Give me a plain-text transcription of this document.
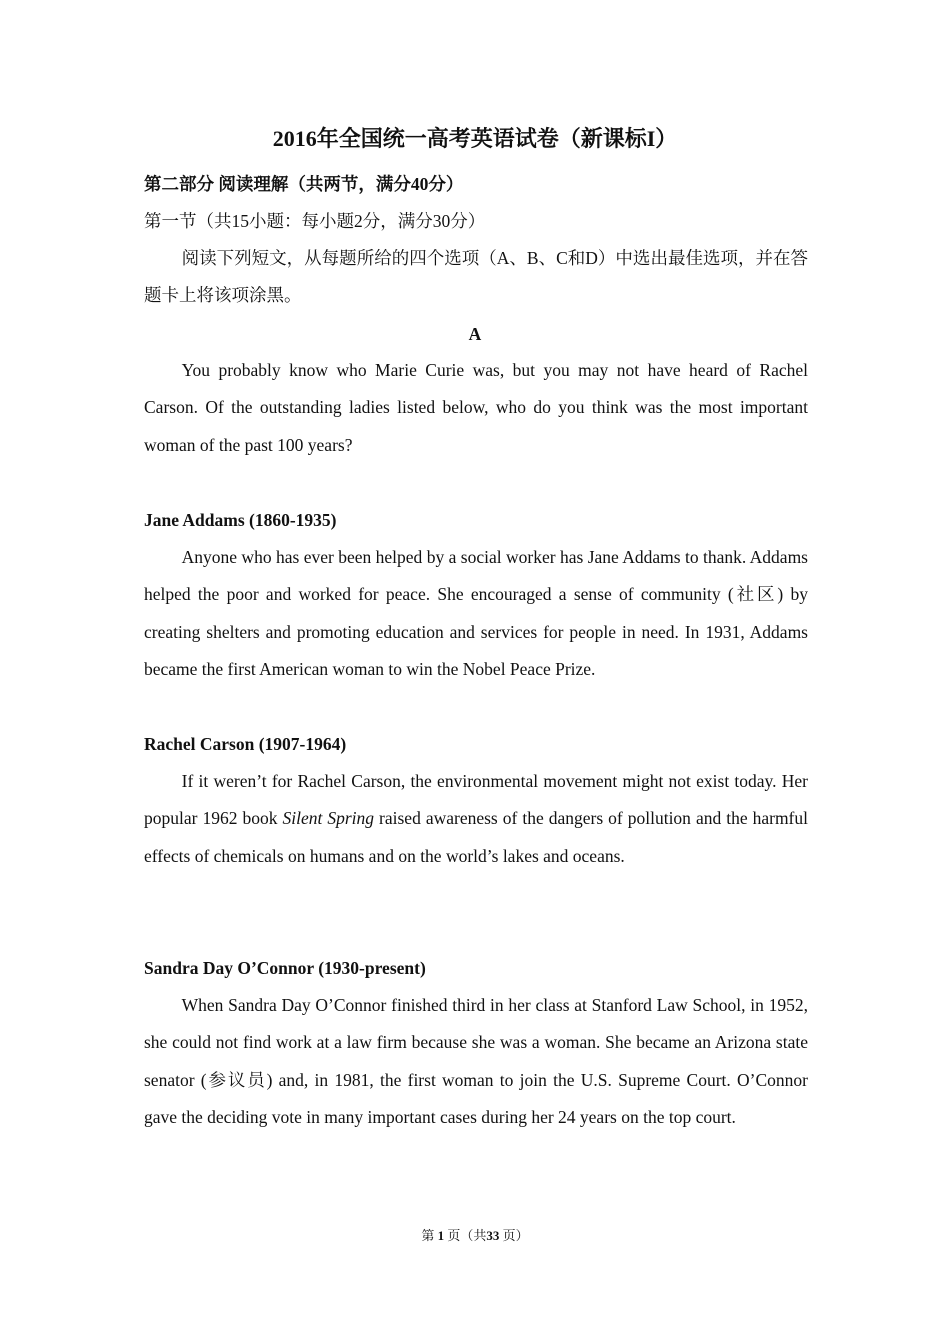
2016年全国统一高考英语试卷（新课标I）
第二部分 阅读理解（共两节，满分40分）
第一节（共15小题：每小题2分，满分30分）
阅读下列短文，从每题所给的四个选项（A、B、C和D）中选出最佳选项，并在答题卡上将该项涂黑。
A
You probably know who Marie Curie was, but you may not have heard of Rachel Carson. Of the outstanding ladies listed below, who do you think was the most important woman of the past 100 years?
Jane Addams (1860-1935)
Anyone who has ever been helped by a social worker has Jane Addams to thank. Addams helped the poor and worked for peace. She encouraged a sense of community (社区) by creating shelters and promoting education and services for people in need. In 1931, Addams became the first American woman to win the Nobel Peace Prize.
Rachel Carson (1907-1964)
If it weren’t for Rachel Carson, the environmental movement might not exist today. Her popular 1962 book Silent Spring raised awareness of the dangers of pollution and the harmful effects of chemicals on humans and on the world’s lakes and oceans.
Sandra Day O’Connor (1930-present)
When Sandra Day O’Connor finished third in her class at Stanford Law School, in 1952, she could not find work at a law firm because she was a woman. She became an Arizona state senator (参议员) and, in 1981, the first woman to join the U.S. Supreme Court. O’Connor gave the deciding vote in many important cases during her 24 years on the top court.
第 1 页（共33 页）
